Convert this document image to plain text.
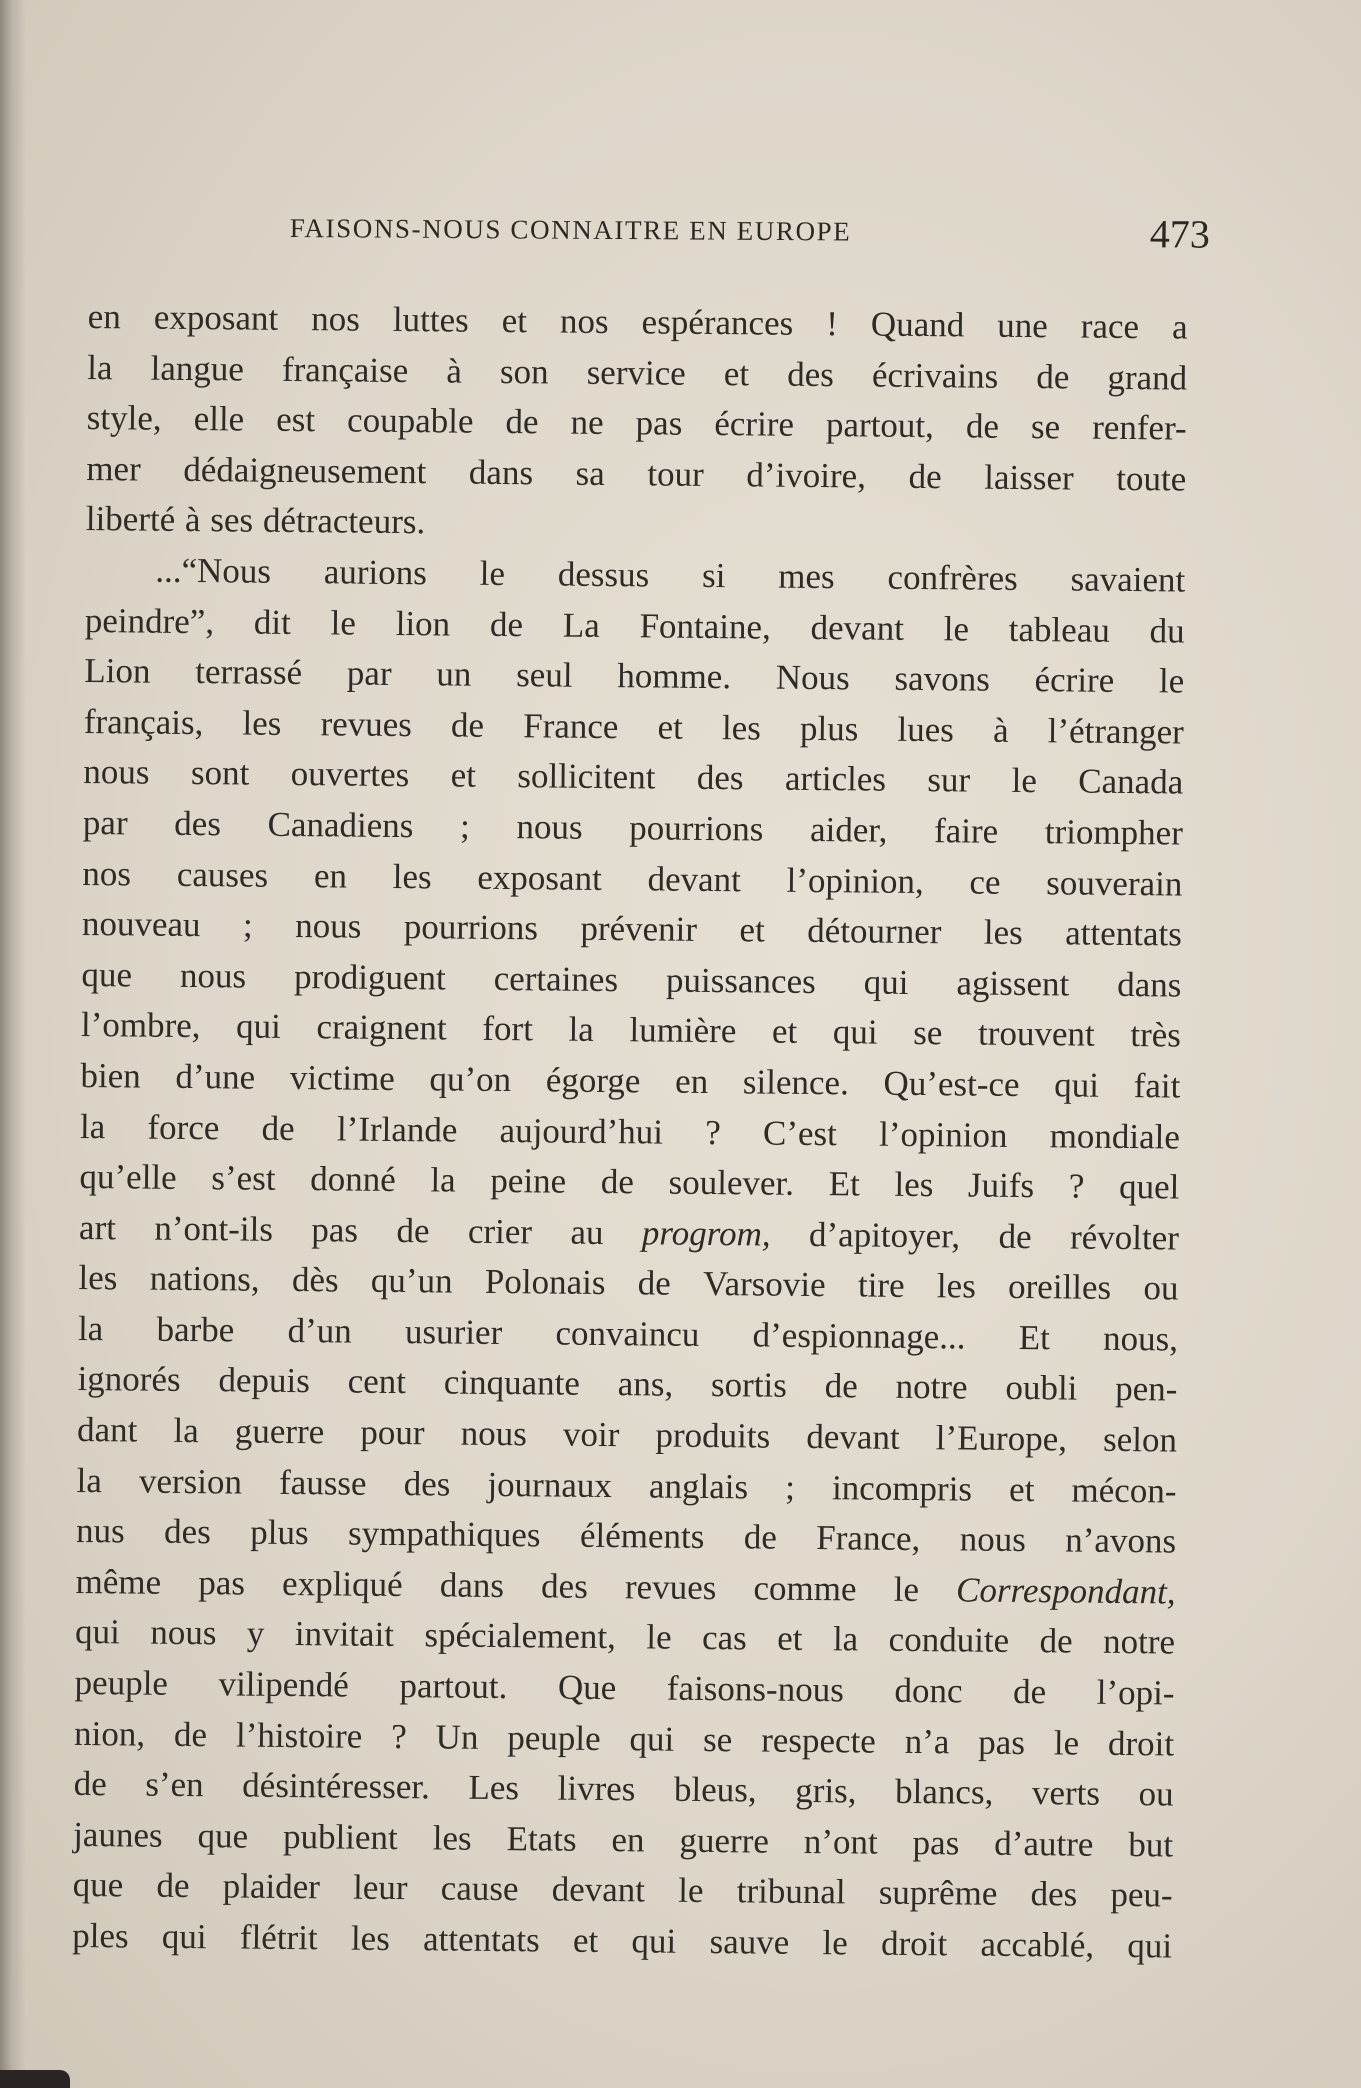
FAISONS-NOUS CONNAITRE EN EUROPE	473
en exposant nos luttes et nos espérances ! Quand une race a
la langue française à son service et des écrivains de grand
style, elle est coupable de ne pas écrire partout, de se renfer-
mer dédaigneusement dans sa tour d’ivoire, de laisser toute
liberté à ses détracteurs.
...“Nous aurions le dessus si mes confrères savaient
peindre”, dit le lion de La Fontaine, devant le tableau du
Lion terrassé par un seul homme. Nous savons écrire le
français, les revues de France et les plus lues à l’étranger
nous sont ouvertes et sollicitent des articles sur le Canada
par des Canadiens ; nous pourrions aider, faire triompher
nos causes en les exposant devant l’opinion, ce souverain
nouveau ; nous pourrions prévenir et détourner les attentats
que nous prodiguent certaines puissances qui agissent dans
l’ombre, qui craignent fort la lumière et qui se trouvent très
bien d’une victime qu’on égorge en silence. Qu’est-ce qui fait
la force de l’Irlande aujourd’hui ? C’est l’opinion mondiale
qu’elle s’est donné la peine de soulever. Et les Juifs ? quel
art n’ont-ils pas de crier au progrom, d’apitoyer, de révolter
les nations, dès qu’un Polonais de Varsovie tire les oreilles ou
la barbe d’un usurier convaincu d’espionnage... Et nous,
ignorés depuis cent cinquante ans, sortis de notre oubli pen-
dant la guerre pour nous voir produits devant l’Europe, selon
la version fausse des journaux anglais ; incompris et mécon-
nus des plus sympathiques éléments de France, nous n’avons
même pas expliqué dans des revues comme le Correspondant,
qui nous y invitait spécialement, le cas et la conduite de notre
peuple vilipendé partout. Que faisons-nous donc de l’opi-
nion, de l’histoire ? Un peuple qui se respecte n’a pas le droit
de s’en désintéresser. Les livres bleus, gris, blancs, verts ou
jaunes que publient les Etats en guerre n’ont pas d’autre but
que de plaider leur cause devant le tribunal suprême des peu-
ples qui flétrit les attentats et qui sauve le droit accablé, qui
